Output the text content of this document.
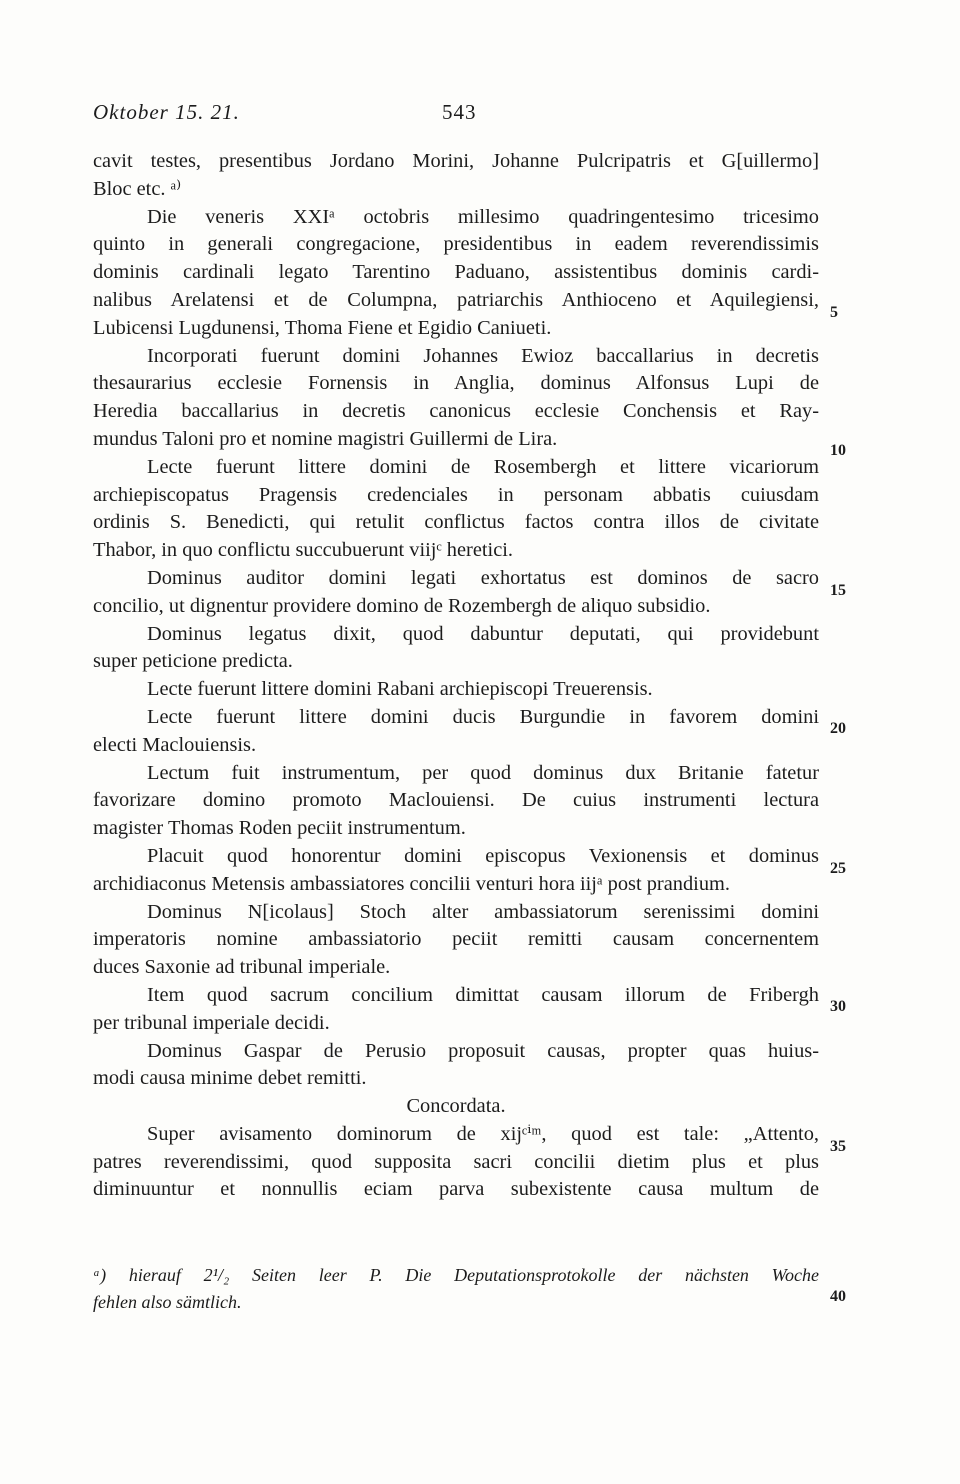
Oktober 15. 21.	543
cavit testes, presentibus Jordano Morini, Johanne Pulcripatris et G[uillermo]
Bloc etc. ᵃ⁾
Die veneris XXIᵃ octobris millesimo quadringentesimo tricesimo
quinto in generali congregacione, presidentibus in eadem reverendissimis
dominis cardinali legato Tarentino Paduano, assistentibus dominis cardi-
nalibus Arelatensi et de Columpna, patriarchis Anthioceno et Aquilegiensi,
Lubicensi Lugdunensi, Thoma Fiene et Egidio Caniueti.
Incorporati fuerunt domini Johannes Ewioz baccallarius in decretis
thesaurarius ecclesie Fornensis in Anglia, dominus Alfonsus Lupi de
Heredia baccallarius in decretis canonicus ecclesie Conchensis et Ray-
mundus Taloni pro et nomine magistri Guillermi de Lira.
Lecte fuerunt littere domini de Rosembergh et littere vicariorum
archiepiscopatus Pragensis credenciales in personam abbatis cuiusdam
ordinis S. Benedicti, qui retulit conflictus factos contra illos de civitate
Thabor, in quo conflictu succubuerunt viijᶜ heretici.
Dominus auditor domini legati exhortatus est dominos de sacro
concilio, ut dignentur providere domino de Rozembergh de aliquo subsidio.
Dominus legatus dixit, quod dabuntur deputati, qui providebunt
super peticione predicta.
Lecte fuerunt littere domini Rabani archiepiscopi Treuerensis.
Lecte fuerunt littere domini ducis Burgundie in favorem domini
electi Maclouiensis.
Lectum fuit instrumentum, per quod dominus dux Britanie fatetur
favorizare domino promoto Maclouiensi. De cuius instrumenti lectura
magister Thomas Roden peciit instrumentum.
Placuit quod honorentur domini episcopus Vexionensis et dominus
archidiaconus Metensis ambassiatores concilii venturi hora iijᵃ post prandium.
Dominus N[icolaus] Stoch alter ambassiatorum serenissimi domini
imperatoris nomine ambassiatorio peciit remitti causam concernentem
duces Saxonie ad tribunal imperiale.
Item quod sacrum concilium dimittat causam illorum de Fribergh
per tribunal imperiale decidi.
Dominus Gaspar de Perusio proposuit causas, propter quas huius-
modi causa minime debet remitti.
Concordata.
Super avisamento dominorum de xijᶜⁱᵐ, quod est tale: „Attento,
patres reverendissimi, quod supposita sacri concilii dietim plus et plus
diminuuntur et nonnullis eciam parva subexistente causa multum de
5
10
15
20
25
30
35
40
ᵃ) hierauf 2¹/₂ Seiten leer P. Die Deputationsprotokolle der nächsten Woche
fehlen also sämtlich.
